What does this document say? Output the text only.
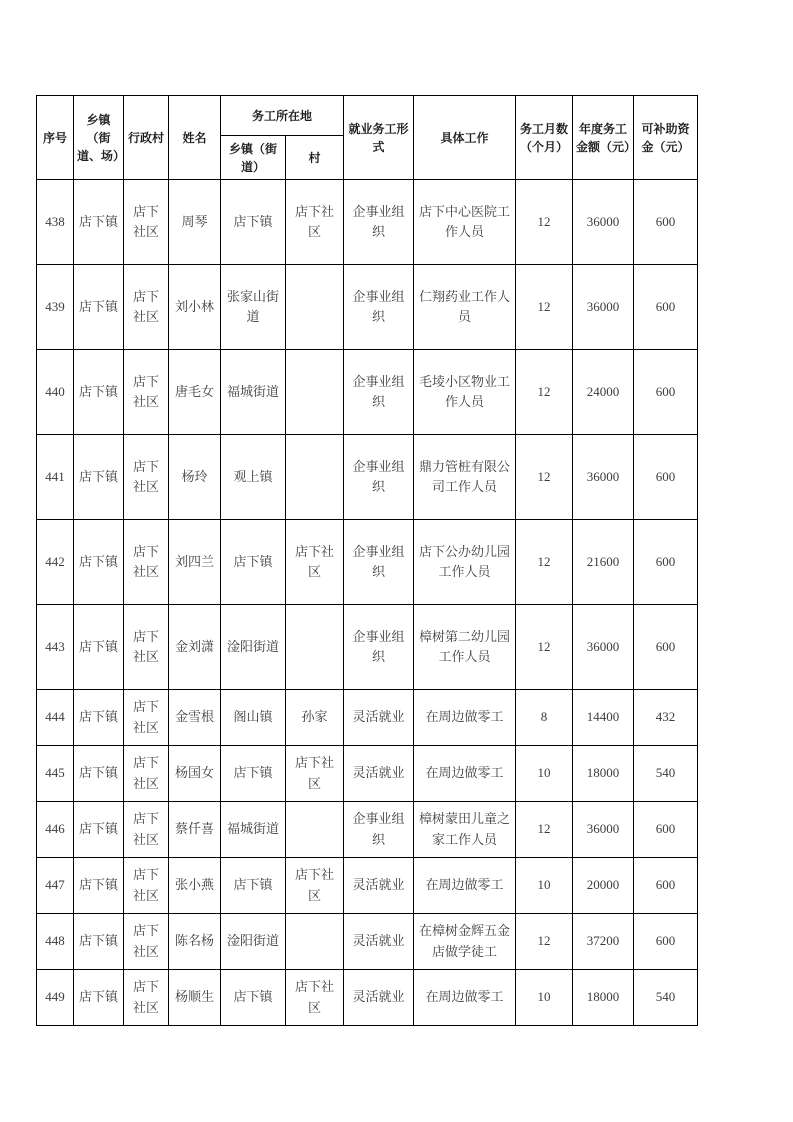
序号	乡镇（街道、场）	行政村	姓名	务工所在地		就业务工形式	具体工作	务工月数（个月）	年度务工金额（元）	可补助资金（元）
				乡镇（街道）	村					
438	店下镇	店下社区	周琴	店下镇	店下社区	企事业组织	店下中心医院工作人员	12	36000	600
439	店下镇	店下社区	刘小林	张家山街道		企事业组织	仁翔药业工作人员	12	36000	600
440	店下镇	店下社区	唐毛女	福城街道		企事业组织	毛堎小区物业工作人员	12	24000	600
441	店下镇	店下社区	杨玲	观上镇		企事业组织	鼎力管桩有限公司工作人员	12	36000	600
442	店下镇	店下社区	刘四兰	店下镇	店下社区	企事业组织	店下公办幼儿园工作人员	12	21600	600
443	店下镇	店下社区	金刘潇	淦阳街道		企事业组织	樟树第二幼儿园工作人员	12	36000	600
444	店下镇	店下社区	金雪根	阁山镇	孙家	灵活就业	在周边做零工	8	14400	432
445	店下镇	店下社区	杨国女	店下镇	店下社区	灵活就业	在周边做零工	10	18000	540
446	店下镇	店下社区	蔡仟喜	福城街道		企事业组织	樟树蒙田儿童之家工作人员	12	36000	600
447	店下镇	店下社区	张小燕	店下镇	店下社区	灵活就业	在周边做零工	10	20000	600
448	店下镇	店下社区	陈名杨	淦阳街道		灵活就业	在樟树金辉五金店做学徒工	12	37200	600
449	店下镇	店下社区	杨顺生	店下镇	店下社区	灵活就业	在周边做零工	10	18000	540
